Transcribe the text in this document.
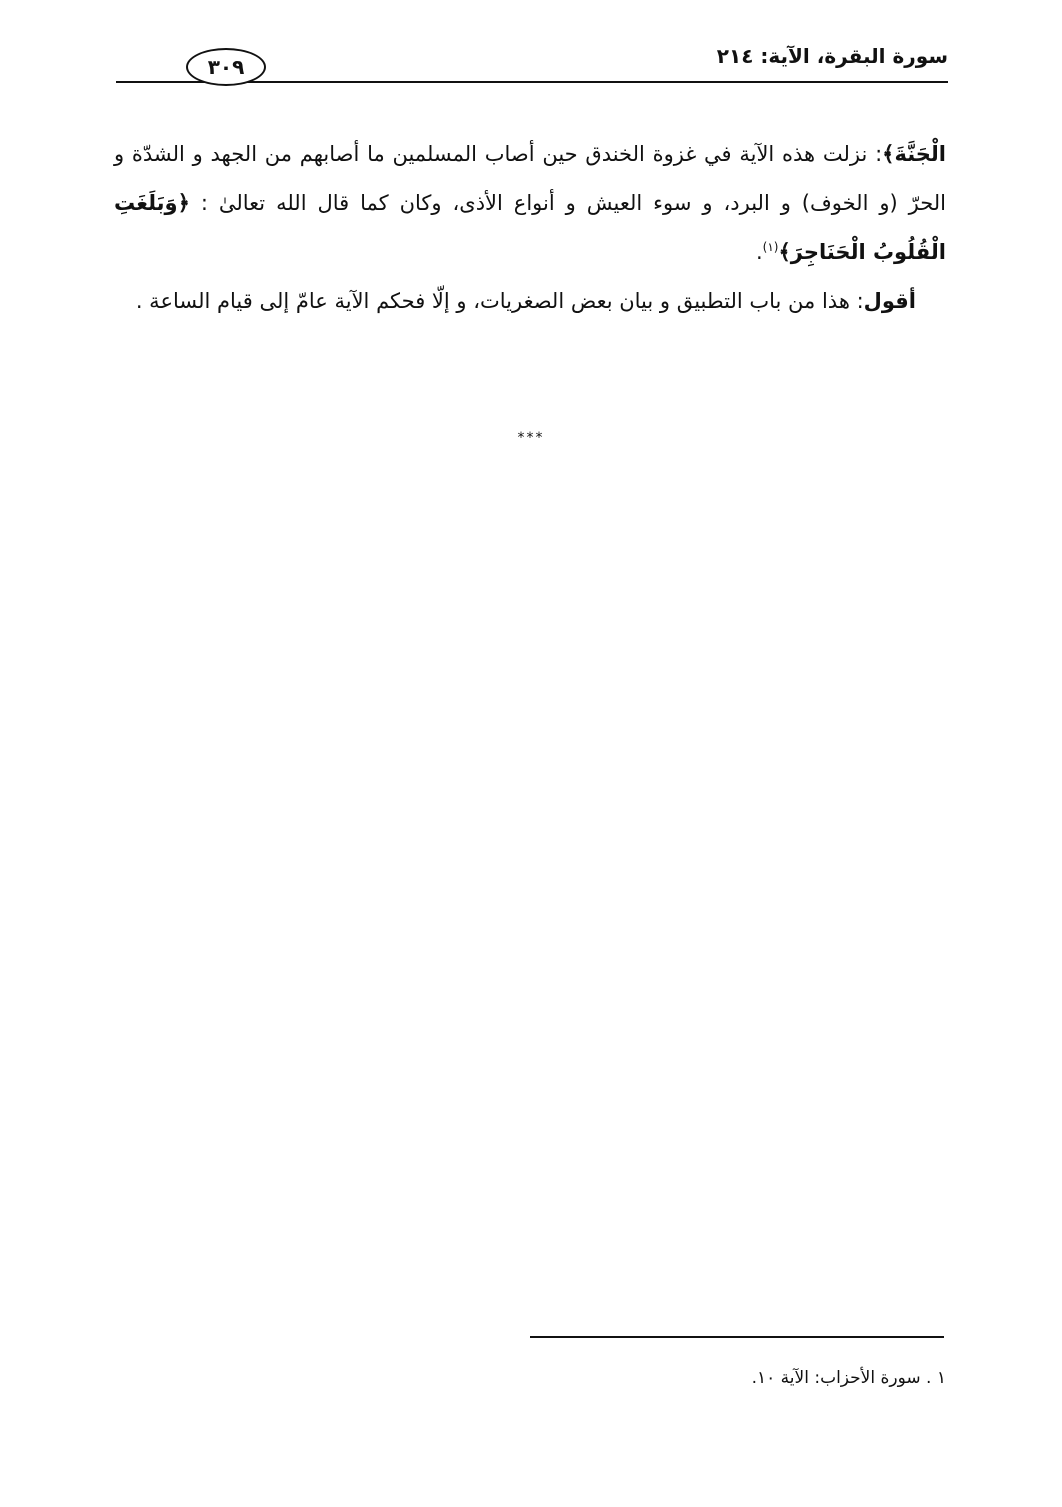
سورة البقرة، الآية: ٢١٤
٣٠٩

الْجَنَّةَ﴾: نزلت هذه الآية في غزوة الخندق حين أصاب المسلمين ما أصابهم من الجهد و الشدّة و الحرّ (و الخوف) و البرد، و سوء العيش و أنواع الأذى، وكان كما قال الله تعالىٰ : ﴿وَبَلَغَتِ الْقُلُوبُ الْحَنَاجِرَ﴾$^{(١)}$.

أقول: هذا من باب التطبيق و بيان بعض الصغريات، و إلّا فحكم الآية عامّ إلى قيام الساعة .

***
١ . سورة الأحزاب: الآية ١٠.
